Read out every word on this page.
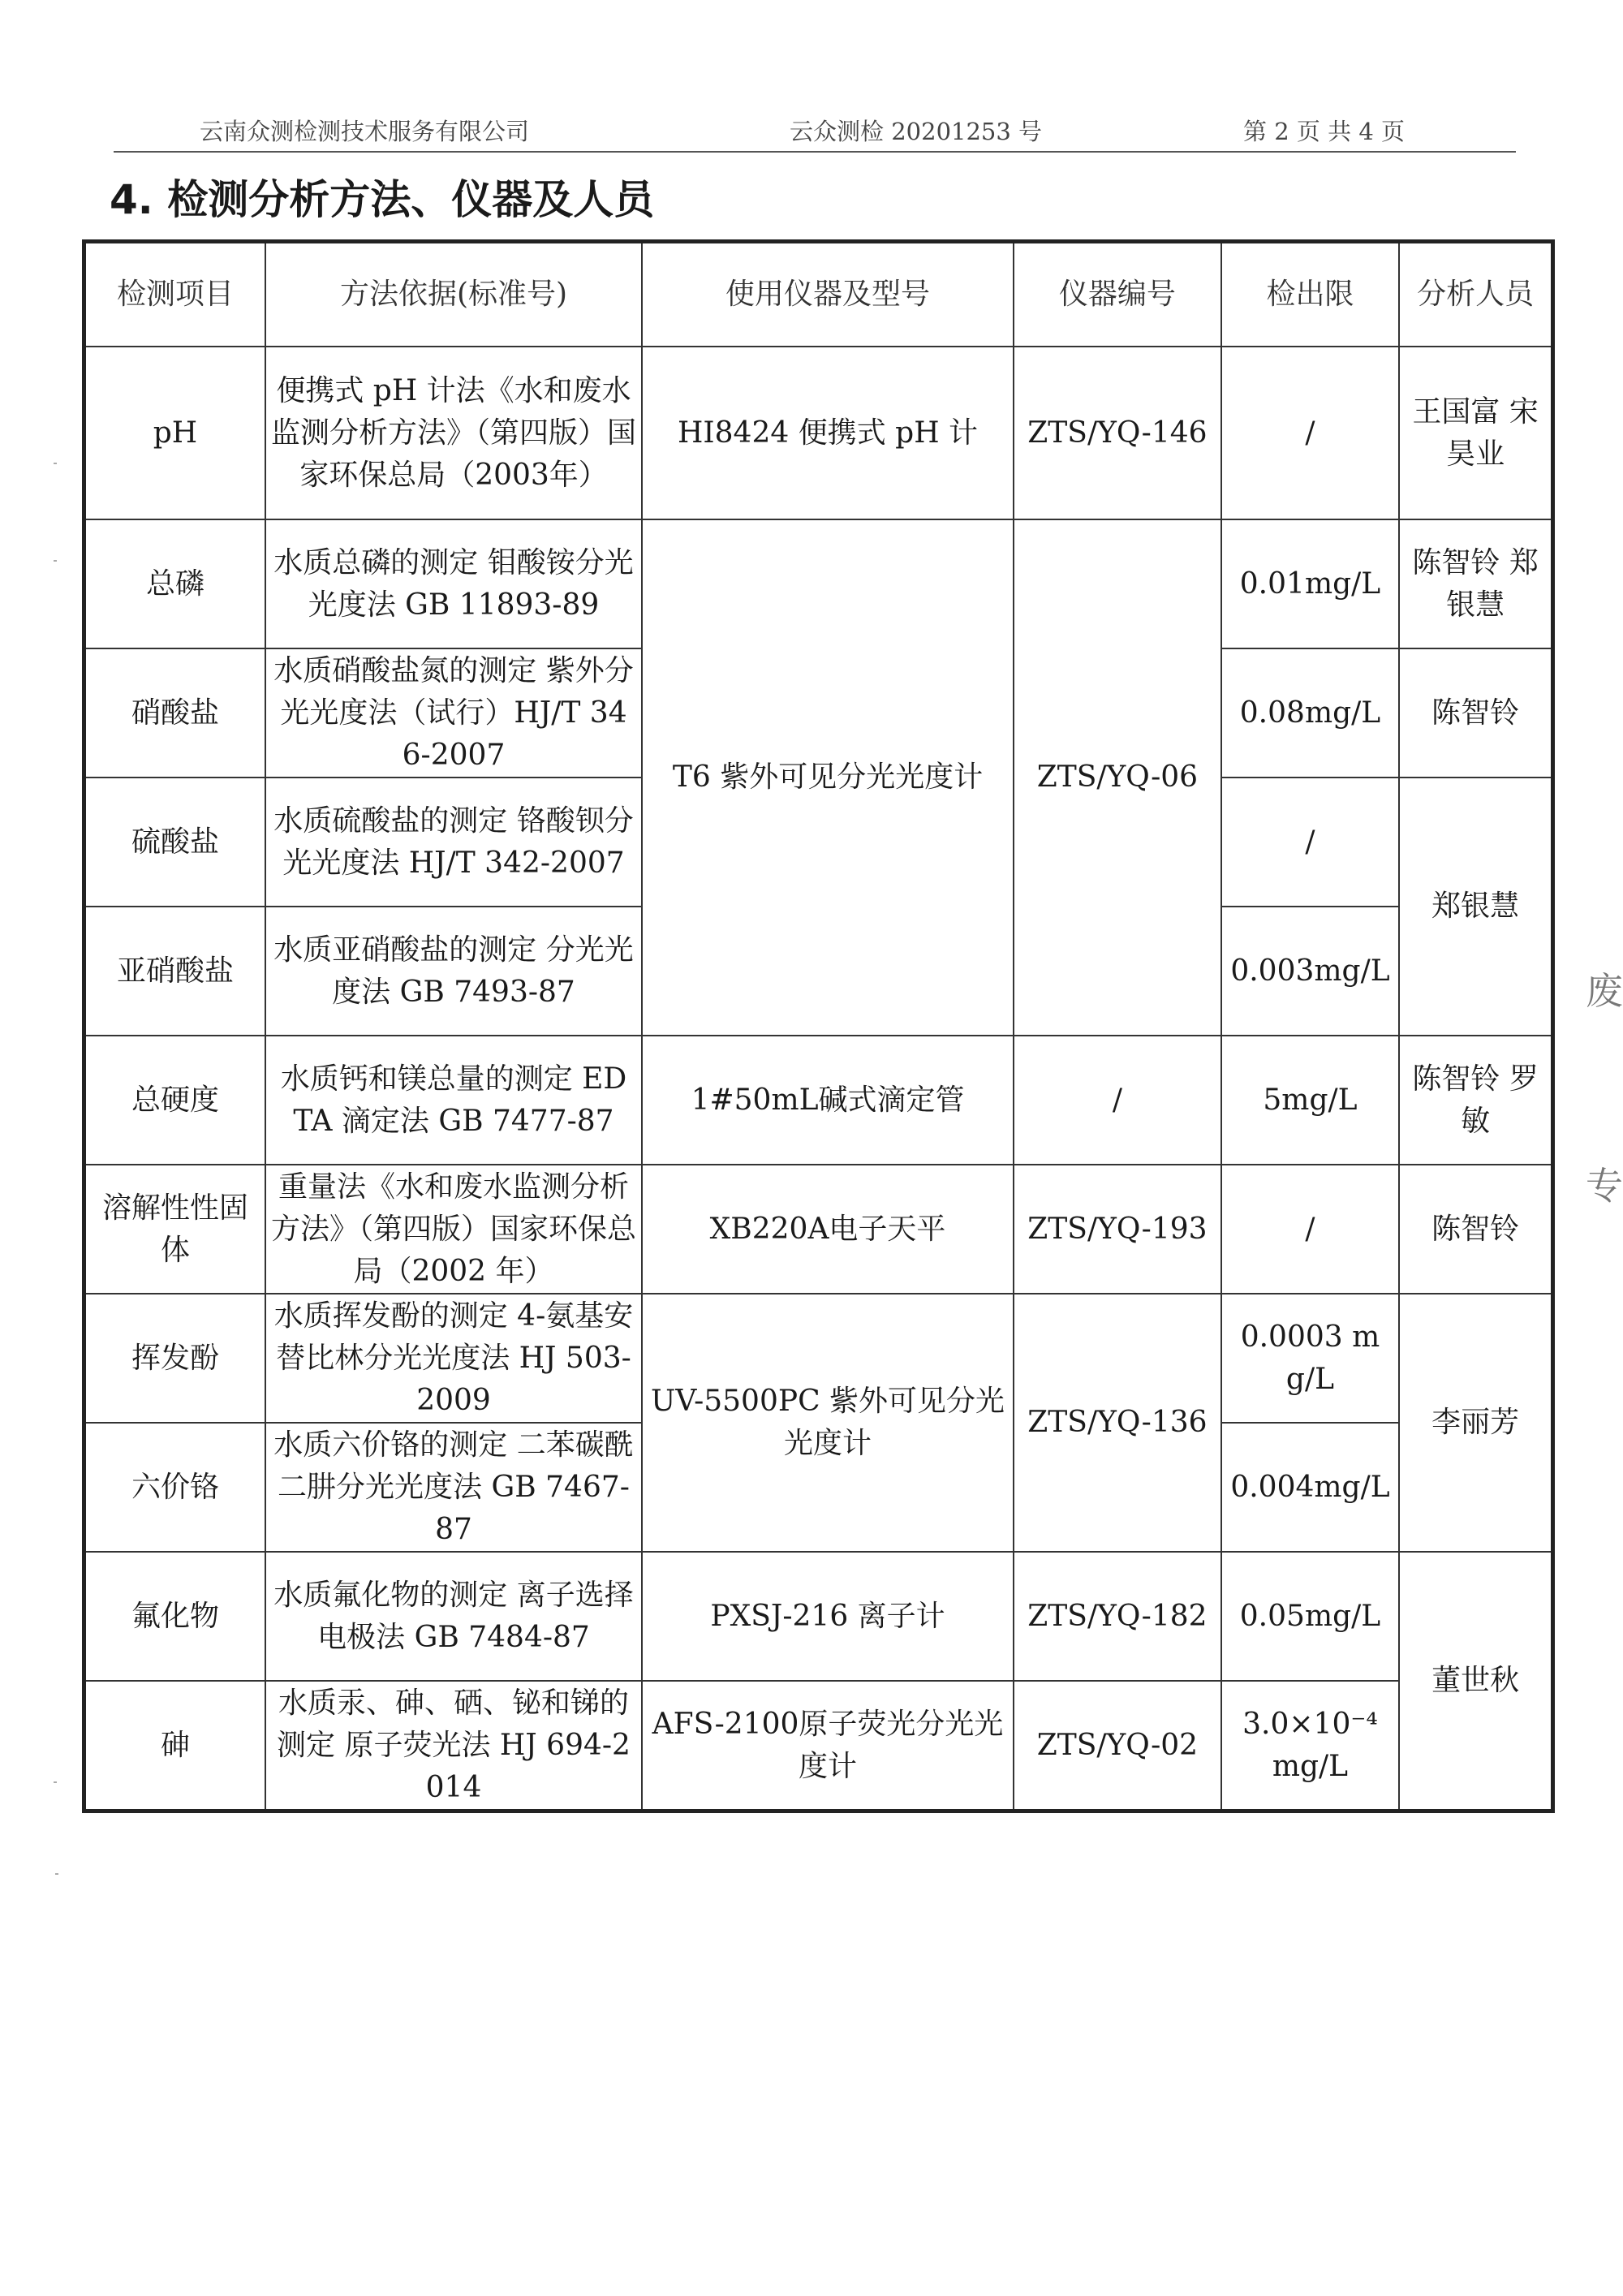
云南众测检测技术服务有限公司	云众测检 20201253 号	第 2 页 共 4 页
4. 检测分析方法、仪器及人员
检测项目	方法依据(标准号)	使用仪器及型号	仪器编号	检出限	分析人员
pH	便携式 pH 计法《水和废水监测分析方法》（第四版）国家环保总局（2003年）	HI8424 便携式 pH 计	ZTS/YQ-146	/	王国富 宋昊业
总磷	水质总磷的测定 钼酸铵分光光度法 GB 11893-89	T6 紫外可见分光光度计	ZTS/YQ-06	0.01mg/L	陈智铃 郑银慧
硝酸盐	水质硝酸盐氮的测定 紫外分光光度法（试行）HJ/T 346-2007			0.08mg/L	陈智铃
硫酸盐	水质硫酸盐的测定 铬酸钡分光光度法 HJ/T 342-2007			/	郑银慧
亚硝酸盐	水质亚硝酸盐的测定 分光光度法 GB 7493-87			0.003mg/L	
总硬度	水质钙和镁总量的测定 EDTA 滴定法 GB 7477-87	1#50mL碱式滴定管	/	5mg/L	陈智铃 罗敏
溶解性性固体	重量法《水和废水监测分析方法》（第四版）国家环保总局（2002 年）	XB220A电子天平	ZTS/YQ-193	/	陈智铃
挥发酚	水质挥发酚的测定 4-氨基安替比林分光光度法 HJ 503-2009	UV-5500PC 紫外可见分光光度计	ZTS/YQ-136	0.0003 mg/L	李丽芳
六价铬	水质六价铬的测定 二苯碳酰二肼分光光度法 GB 7467-87			0.004mg/L	
氟化物	水质氟化物的测定 离子选择电极法 GB 7484-87	PXSJ-216 离子计	ZTS/YQ-182	0.05mg/L	董世秋
砷	水质汞、砷、硒、铋和锑的测定 原子荧光法 HJ 694-2014	AFS-2100原子荧光分光光度计	ZTS/YQ-02	3.0×10⁻⁴ mg/L	
废
专
